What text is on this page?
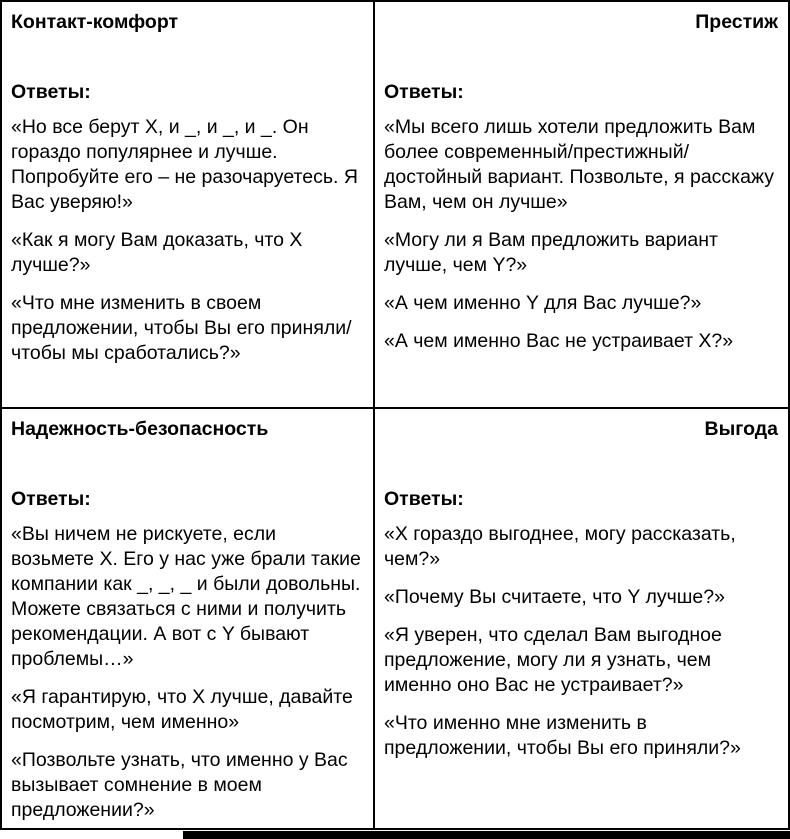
Контакт-комфорт

Ответы:

«Но все берут X, и _, и _, и _. Он гораздо популярнее и лучше. Попробуйте его – не разочаруетесь. Я Вас уверяю!»

«Как я могу Вам доказать, что X лучше?»

«Что мне изменить в своем предложении, чтобы Вы его приняли/чтобы мы сработались?»

Престиж

Ответы:

«Мы всего лишь хотели предложить Вам более современный/престижный/достойный вариант. Позвольте, я расскажу Вам, чем он лучше»

«Могу ли я Вам предложить вариант лучше, чем Y?»

«А чем именно Y для Вас лучше?»

«А чем именно Вас не устраивает X?»

Надежность-безопасность

Ответы:

«Вы ничем не рискуете, если возьмете X. Его у нас уже брали такие компании как _, _, _ и были довольны. Можете связаться с ними и получить рекомендации. А вот с Y бывают проблемы…»

«Я гарантирую, что X лучше, давайте посмотрим, чем именно»

«Позвольте узнать, что именно у Вас вызывает сомнение в моем предложении?»

Выгода

Ответы:

«X гораздо выгоднее, могу рассказать, чем?»

«Почему Вы считаете, что Y лучше?»

«Я уверен, что сделал Вам выгодное предложение, могу ли я узнать, чем именно оно Вас не устраивает?»

«Что именно мне изменить в предложении, чтобы Вы его приняли?»
